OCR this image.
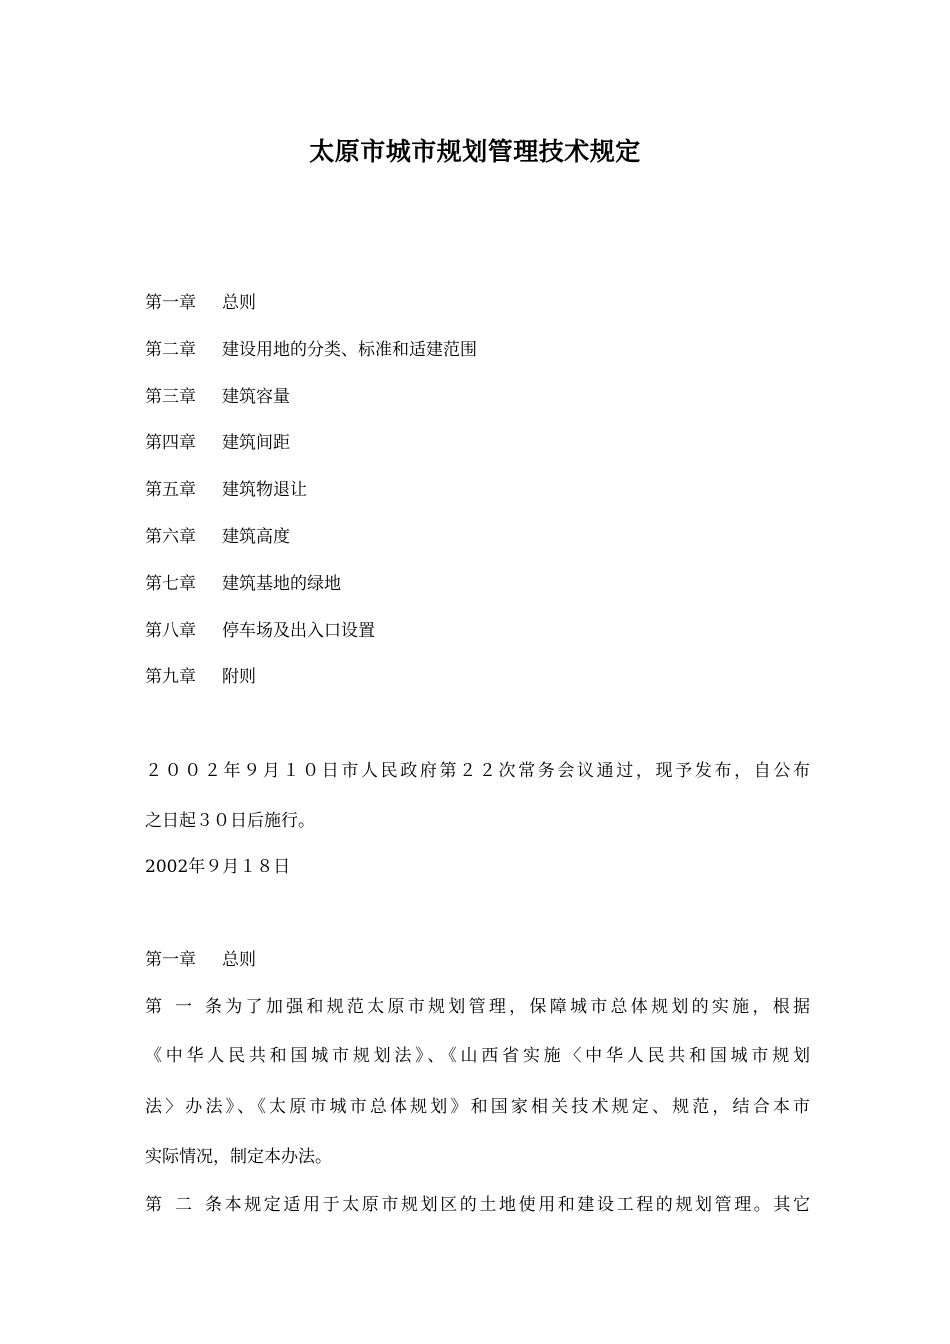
太原市城市规划管理技术规定
第一章 总则
第二章 建设用地的分类、标准和适建范围
第三章 建筑容量
第四章 建筑间距
第五章 建筑物退让
第六章 建筑高度
第七章 建筑基地的绿地
第八章 停车场及出入口设置
第九章 附则
２００２年９月１０日市人民政府第２２次常务会议通过，现予发布，自公布
之日起３０日后施行。
2002年９月１８日
第一章 总则
第一条为了加强和规范太原市规划管理，保障城市总体规划的实施，根据
《中华人民共和国城市规划法》、《山西省实施〈中华人民共和国城市规划
法〉办法》、《太原市城市总体规划》和国家相关技术规定、规范，结合本市
实际情况，制定本办法。
第二条本规定适用于太原市规划区的土地使用和建设工程的规划管理。其它
